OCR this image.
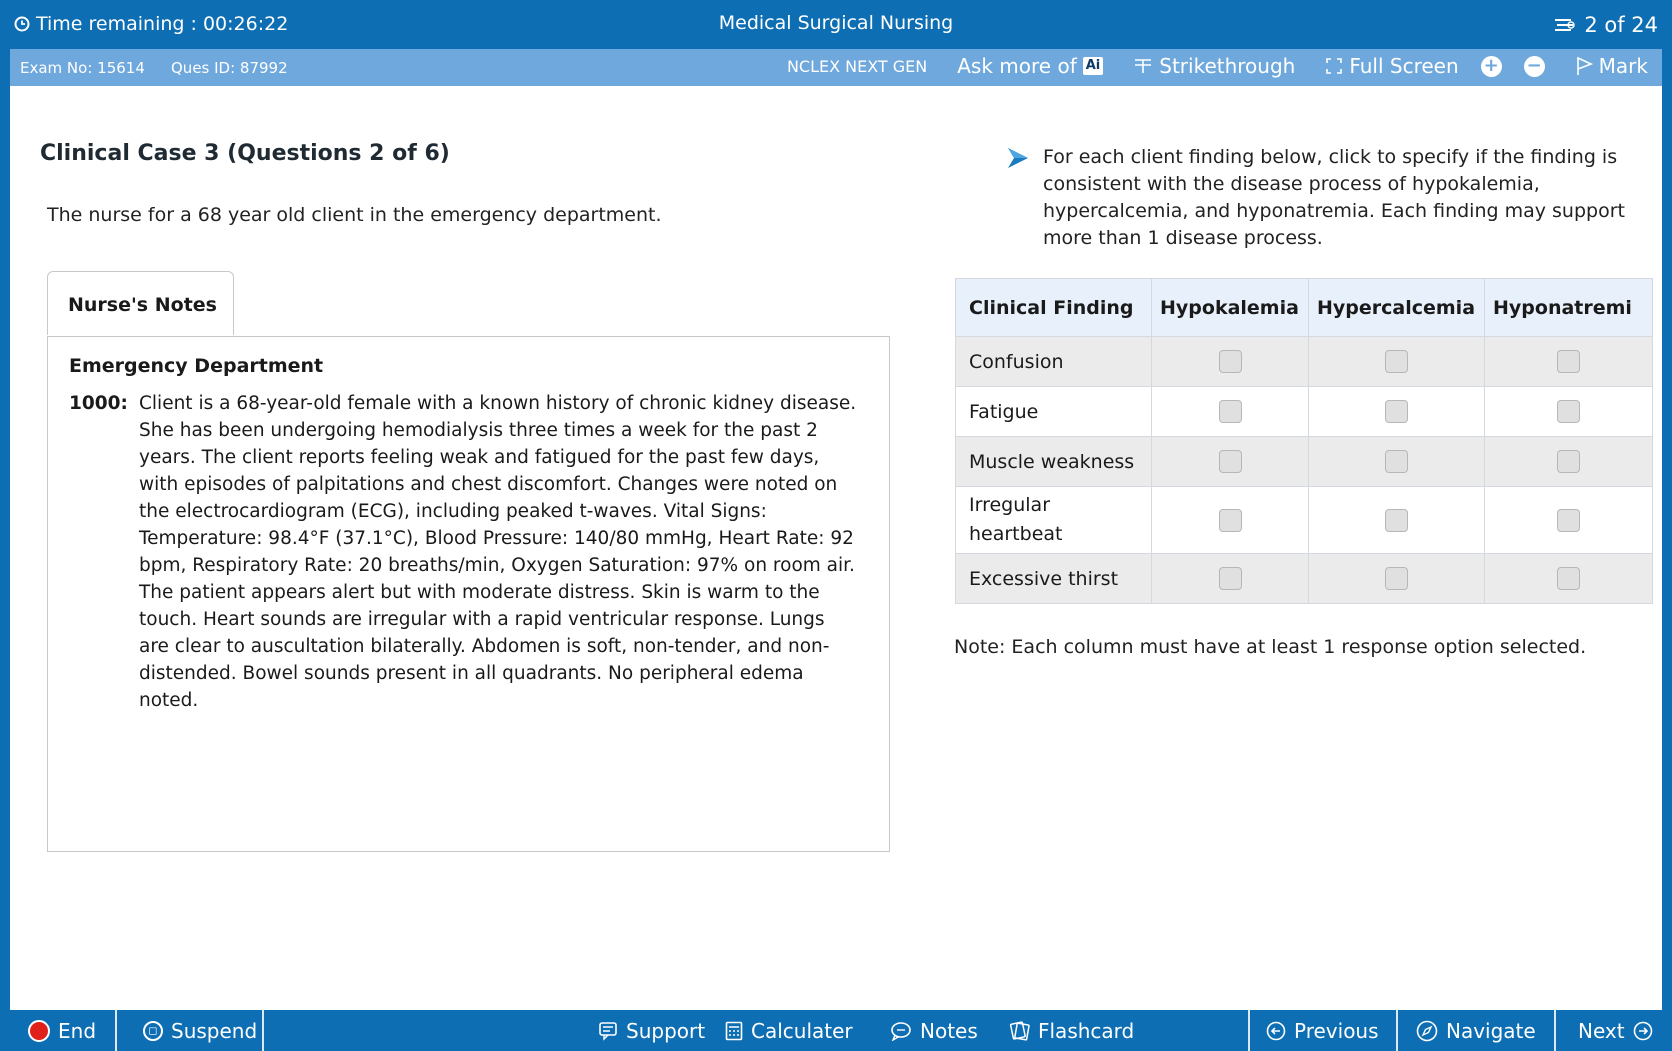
Time remaining : 00:26:22	Medical Surgical Nursing	2 of 24
Exam No: 15614 Ques ID: 87992	NCLEX NEXT GEN Ask more of Ai	Strikethrough	Full Screen + −	Mark
Clinical Case 3 (Questions 2 of 6)
The nurse for a 68 year old client in the emergency department.
Nurse's Notes
Emergency Department
1000: Client is a 68-year-old female with a known history of chronic kidney disease. She has been undergoing hemodialysis three times a week for the past 2 years. The client reports feeling weak and fatigued for the past few days, with episodes of palpitations and chest discomfort. Changes were noted on the electrocardiogram (ECG), including peaked t-waves. Vital Signs: Temperature: 98.4°F (37.1°C), Blood Pressure: 140/80 mmHg, Heart Rate: 92 bpm, Respiratory Rate: 20 breaths/min, Oxygen Saturation: 97% on room air. The patient appears alert but with moderate distress. Skin is warm to the touch. Heart sounds are irregular with a rapid ventricular response. Lungs are clear to auscultation bilaterally. Abdomen is soft, non-tender, and non-distended. Bowel sounds present in all quadrants. No peripheral edema noted.
For each client finding below, click to specify if the finding is consistent with the disease process of hypokalemia, hypercalcemia, and hyponatremia. Each finding may support more than 1 disease process.
Clinical Finding	Hypokalemia	Hypercalcemia	Hyponatremi
Confusion			
Fatigue			
Muscle weakness			
Irregular heartbeat			
Excessive thirst			
Note: Each column must have at least 1 response option selected.
End	◻ Suspend	Support Calculater	Notes	Flashcard	Previous	Navigate Next
